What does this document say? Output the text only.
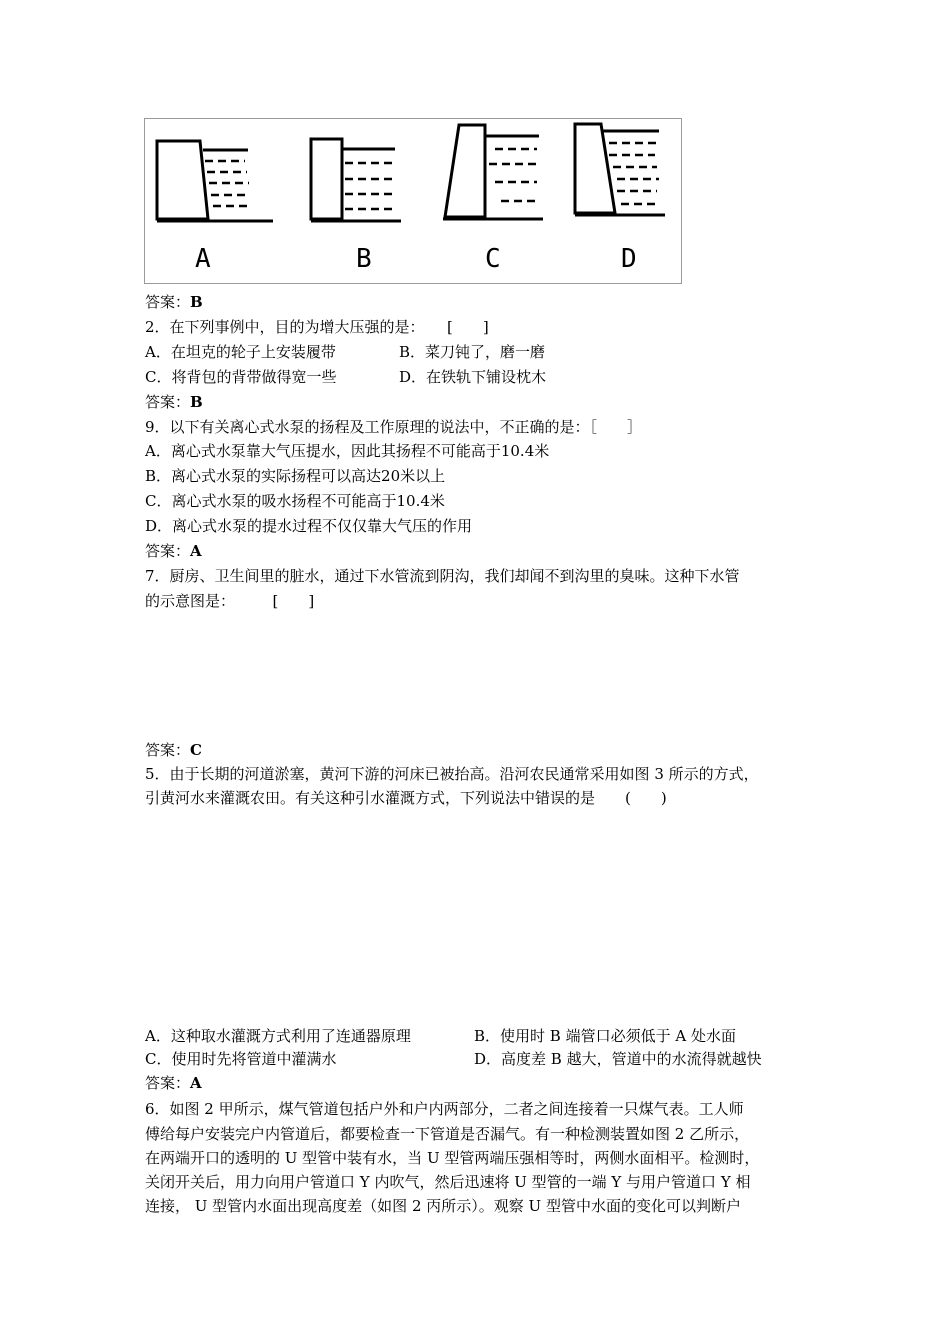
A	B	C	D
答案：B
2．在下列事例中，目的为增大压强的是：　　[　　]
A．在坦克的轮子上安装履带	B．菜刀钝了，磨一磨
C．将背包的背带做得宽一些	D．在铁轨下铺设枕木
答案：B
9．以下有关离心式水泵的扬程及工作原理的说法中，不正确的是：［　　］
A．离心式水泵靠大气压提水，因此其扬程不可能高于10.4米
B．离心式水泵的实际扬程可以高达20米以上
C．离心式水泵的吸水扬程不可能高于10.4米
D．离心式水泵的提水过程不仅仅靠大气压的作用
答案：A
7．厨房、卫生间里的脏水，通过下水管流到阴沟，我们却闻不到沟里的臭味。这种下水管
的示意图是：　　　[　　]
答案：C
5．由于长期的河道淤塞，黄河下游的河床已被抬高。沿河农民通常采用如图 3 所示的方式，
引黄河水来灌溉农田。有关这种引水灌溉方式，下列说法中错误的是　　(　　)
A．这种取水灌溉方式利用了连通器原理	B．使用时 B 端管口必须低于 A 处水面
C．使用时先将管道中灌满水	D．高度差 B 越大，管道中的水流得就越快
答案：A
6．如图 2 甲所示，煤气管道包括户外和户内两部分，二者之间连接着一只煤气表。工人师
傅给每户安装完户内管道后，都要检查一下管道是否漏气。有一种检测装置如图 2 乙所示，
在两端开口的透明的 U 型管中装有水，当 U 型管两端压强相等时，两侧水面相平。检测时，
关闭开关后，用力向用户管道口 Y 内吹气，然后迅速将 U 型管的一端 Y 与用户管道口 Y 相
连接， U 型管内水面出现高度差（如图 2 丙所示）。观察 U 型管中水面的变化可以判断户
